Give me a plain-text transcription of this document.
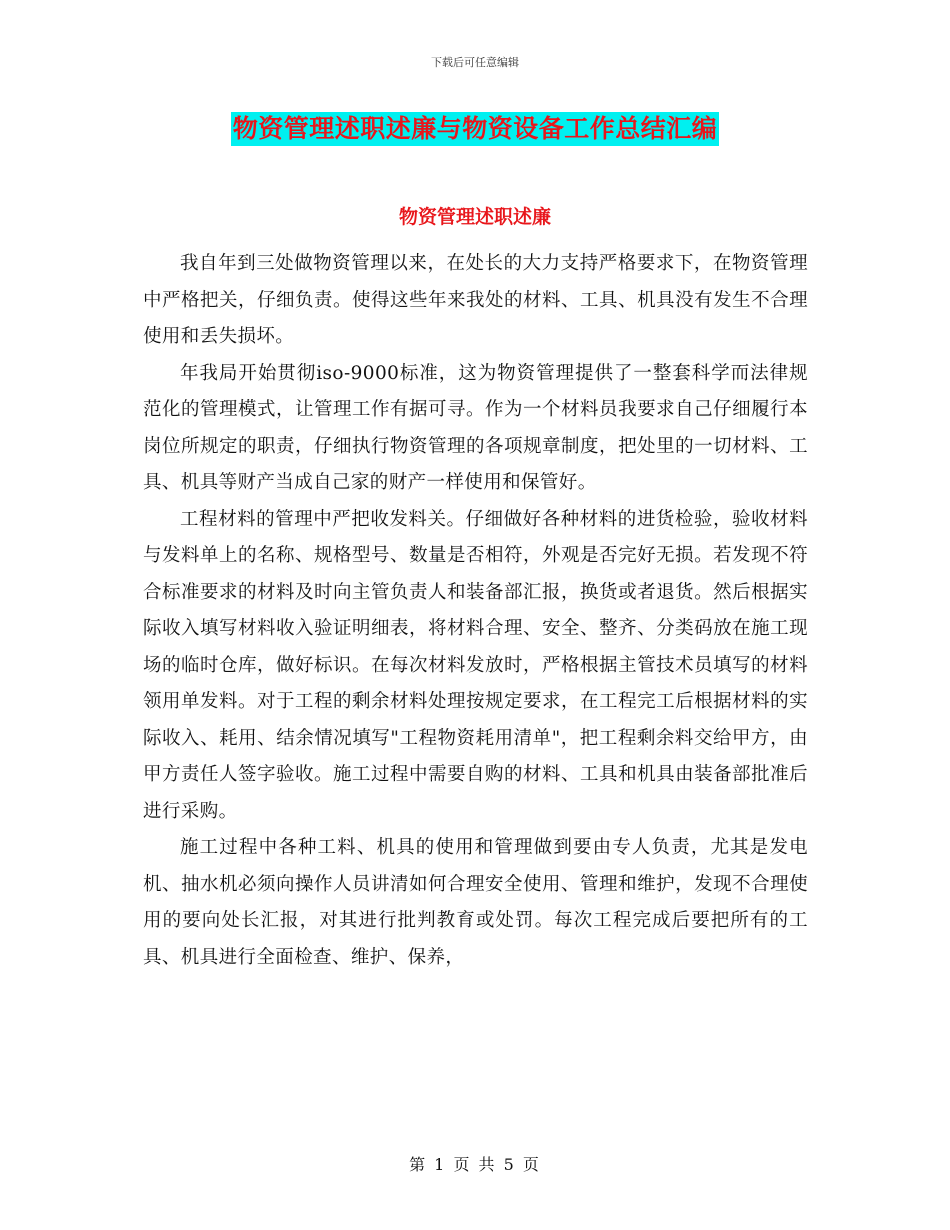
下载后可任意编辑
物资管理述职述廉与物资设备工作总结汇编
物资管理述职述廉

我自年到三处做物资管理以来，在处长的大力支持严格要求下，在物资管理中严格把关，仔细负责。使得这些年来我处的材料、工具、机具没有发生不合理使用和丢失损坏。

年我局开始贯彻iso-9000标准，这为物资管理提供了一整套科学而法律规范化的管理模式，让管理工作有据可寻。作为一个材料员我要求自己仔细履行本岗位所规定的职责，仔细执行物资管理的各项规章制度，把处里的一切材料、工具、机具等财产当成自己家的财产一样使用和保管好。

工程材料的管理中严把收发料关。仔细做好各种材料的进货检验，验收材料与发料单上的名称、规格型号、数量是否相符，外观是否完好无损。若发现不符合标准要求的材料及时向主管负责人和装备部汇报，换货或者退货。然后根据实际收入填写材料收入验证明细表，将材料合理、安全、整齐、分类码放在施工现场的临时仓库，做好标识。在每次材料发放时，严格根据主管技术员填写的材料领用单发料。对于工程的剩余材料处理按规定要求，在工程完工后根据材料的实际收入、耗用、结余情况填写"工程物资耗用清单"，把工程剩余料交给甲方，由甲方责任人签字验收。施工过程中需要自购的材料、工具和机具由装备部批准后进行采购。

施工过程中各种工料、机具的使用和管理做到要由专人负责，尤其是发电机、抽水机必须向操作人员讲清如何合理安全使用、管理和维护，发现不合理使用的要向处长汇报，对其进行批判教育或处罚。每次工程完成后要把所有的工具、机具进行全面检查、维护、保养，

第 1 页 共 5 页
